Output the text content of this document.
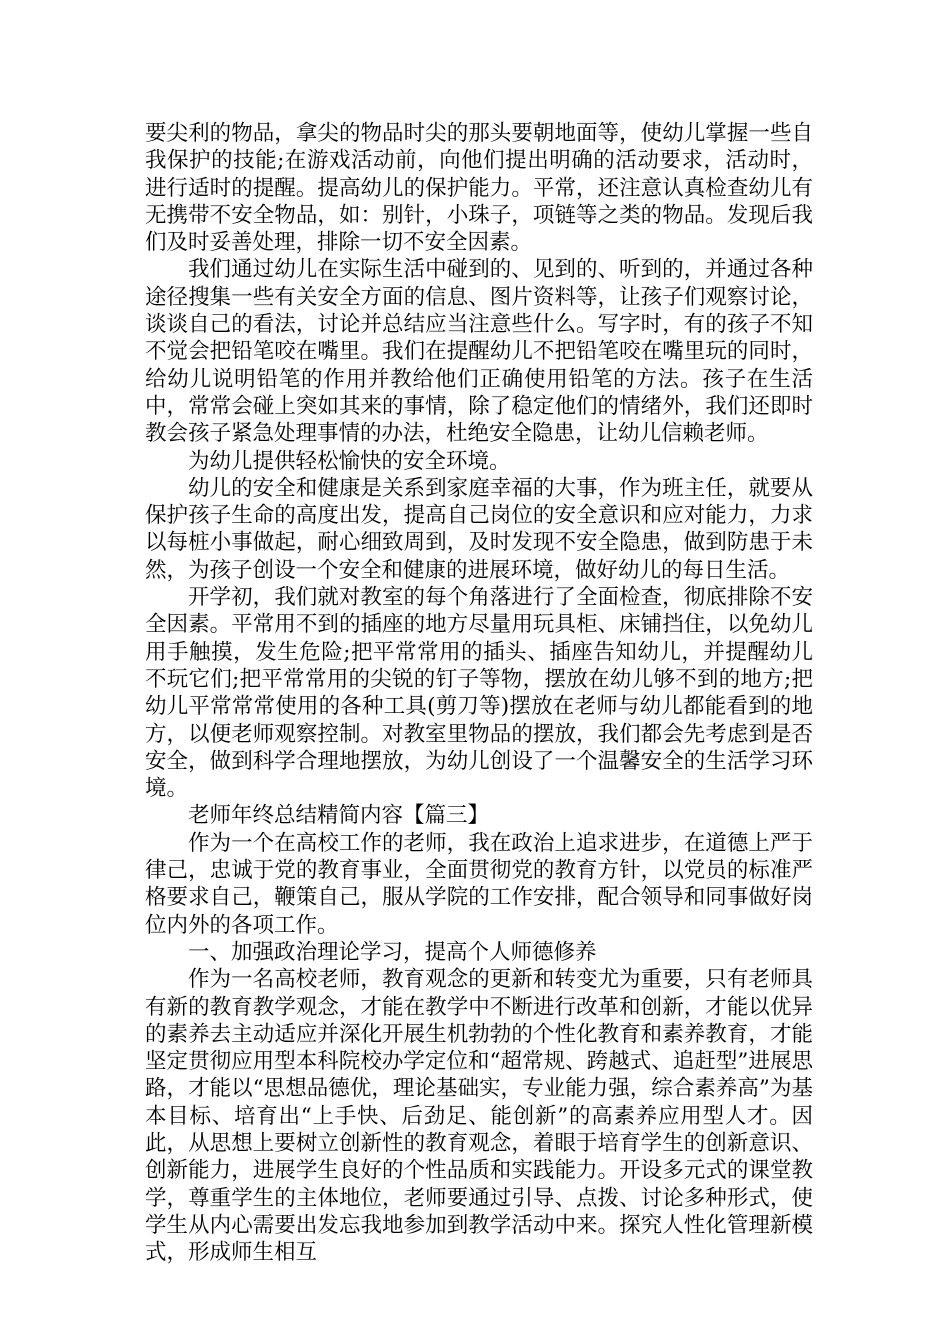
要尖利的物品，拿尖的物品时尖的那头要朝地面等，使幼儿掌握一些自我保护的技能;在游戏活动前，向他们提出明确的活动要求，活动时，进行适时的提醒。提高幼儿的保护能力。平常，还注意认真检查幼儿有无携带不安全物品，如：别针，小珠子，项链等之类的物品。发现后我们及时妥善处理，排除一切不安全因素。

我们通过幼儿在实际生活中碰到的、见到的、听到的，并通过各种途径搜集一些有关安全方面的信息、图片资料等，让孩子们观察讨论，谈谈自己的看法，讨论并总结应当注意些什么。写字时，有的孩子不知不觉会把铅笔咬在嘴里。我们在提醒幼儿不把铅笔咬在嘴里玩的同时，给幼儿说明铅笔的作用并教给他们正确使用铅笔的方法。孩子在生活中，常常会碰上突如其来的事情，除了稳定他们的情绪外，我们还即时教会孩子紧急处理事情的办法，杜绝安全隐患，让幼儿信赖老师。

为幼儿提供轻松愉快的安全环境。

幼儿的安全和健康是关系到家庭幸福的大事，作为班主任，就要从保护孩子生命的高度出发，提高自己岗位的安全意识和应对能力，力求以每桩小事做起，耐心细致周到，及时发现不安全隐患，做到防患于未然，为孩子创设一个安全和健康的进展环境，做好幼儿的每日生活。

开学初，我们就对教室的每个角落进行了全面检查，彻底排除不安全因素。平常用不到的插座的地方尽量用玩具柜、床铺挡住，以免幼儿用手触摸，发生危险;把平常常用的插头、插座告知幼儿，并提醒幼儿不玩它们;把平常常用的尖锐的钉子等物，摆放在幼儿够不到的地方;把幼儿平常常常使用的各种工具(剪刀等)摆放在老师与幼儿都能看到的地方，以便老师观察控制。对教室里物品的摆放，我们都会先考虑到是否安全，做到科学合理地摆放，为幼儿创设了一个温馨安全的生活学习环境。

老师年终总结精简内容【篇三】

作为一个在高校工作的老师，我在政治上追求进步，在道德上严于律己，忠诚于党的教育事业，全面贯彻党的教育方针，以党员的标准严格要求自己，鞭策自己，服从学院的工作安排，配合领导和同事做好岗位内外的各项工作。

一、加强政治理论学习，提高个人师德修养

作为一名高校老师，教育观念的更新和转变尤为重要，只有老师具有新的教育教学观念，才能在教学中不断进行改革和创新，才能以优异的素养去主动适应并深化开展生机勃勃的个性化教育和素养教育，才能坚定贯彻应用型本科院校办学定位和“超常规、跨越式、追赶型”进展思路，才能以“思想品德优，理论基础实，专业能力强，综合素养高”为基本目标、培育出“上手快、后劲足、能创新”的高素养应用型人才。因此，从思想上要树立创新性的教育观念，着眼于培育学生的创新意识、创新能力，进展学生良好的个性品质和实践能力。开设多元式的课堂教学，尊重学生的主体地位，老师要通过引导、点拨、讨论多种形式，使学生从内心需要出发忘我地参加到教学活动中来。探究人性化管理新模式，形成师生相互
